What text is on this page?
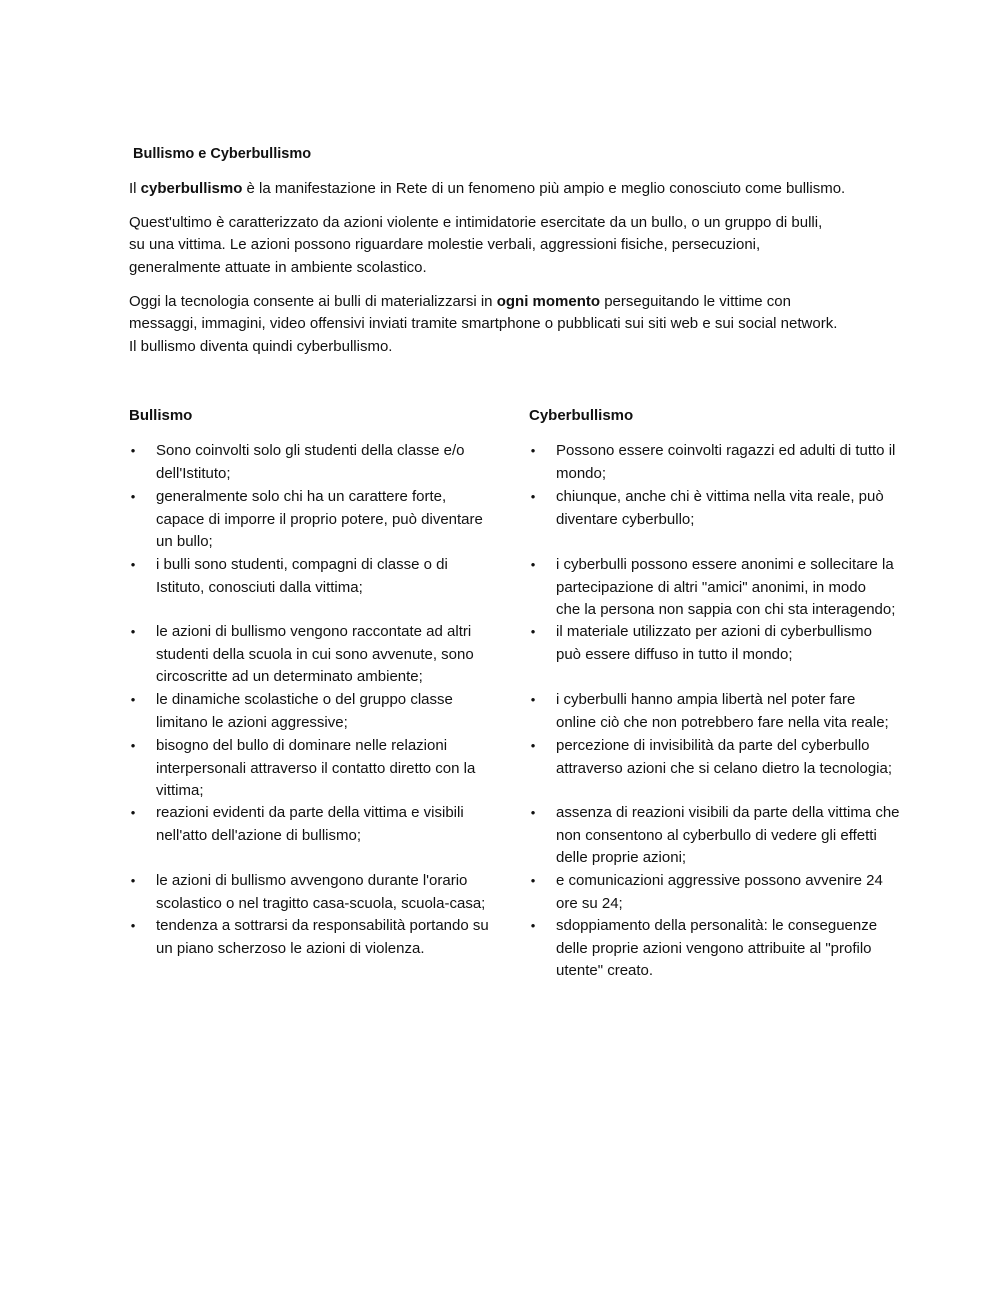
Bullismo e Cyberbullismo

Il cyberbullismo è la manifestazione in Rete di un fenomeno più ampio e meglio conosciuto come bullismo.

Quest'ultimo è caratterizzato da azioni violente e intimidatorie esercitate da un bullo, o un gruppo di bulli,
su una vittima. Le azioni possono riguardare molestie verbali, aggressioni fisiche, persecuzioni,
generalmente attuate in ambiente scolastico.

Oggi la tecnologia consente ai bulli di materializzarsi in ogni momento perseguitando le vittime con
messaggi, immagini, video offensivi inviati tramite smartphone o pubblicati sui siti web e sui social network.
Il bullismo diventa quindi cyberbullismo.

Bullismo	Cyberbullismo
• Sono coinvolti solo gli studenti della classe e/o
dell'Istituto;
• generalmente solo chi ha un carattere forte,
capace di imporre il proprio potere, può diventare
un bullo;
• i bulli sono studenti, compagni di classe o di
Istituto, conosciuti dalla vittima;
• le azioni di bullismo vengono raccontate ad altri
studenti della scuola in cui sono avvenute, sono
circoscritte ad un determinato ambiente;
• le dinamiche scolastiche o del gruppo classe
limitano le azioni aggressive;
• bisogno del bullo di dominare nelle relazioni
interpersonali attraverso il contatto diretto con la
vittima;
• reazioni evidenti da parte della vittima e visibili
nell'atto dell'azione di bullismo;
• le azioni di bullismo avvengono durante l'orario
scolastico o nel tragitto casa-scuola, scuola-casa;
• tendenza a sottrarsi da responsabilità portando su
un piano scherzoso le azioni di violenza.
• Possono essere coinvolti ragazzi ed adulti di tutto il
mondo;
• chiunque, anche chi è vittima nella vita reale, può
diventare cyberbullo;
• i cyberbulli possono essere anonimi e sollecitare la
partecipazione di altri "amici" anonimi, in modo
che la persona non sappia con chi sta interagendo;
• il materiale utilizzato per azioni di cyberbullismo
può essere diffuso in tutto il mondo;
• i cyberbulli hanno ampia libertà nel poter fare
online ciò che non potrebbero fare nella vita reale;
• percezione di invisibilità da parte del cyberbullo
attraverso azioni che si celano dietro la tecnologia;
• assenza di reazioni visibili da parte della vittima che
non consentono al cyberbullo di vedere gli effetti
delle proprie azioni;
• e comunicazioni aggressive possono avvenire 24
ore su 24;
• sdoppiamento della personalità: le conseguenze
delle proprie azioni vengono attribuite al "profilo
utente" creato.
